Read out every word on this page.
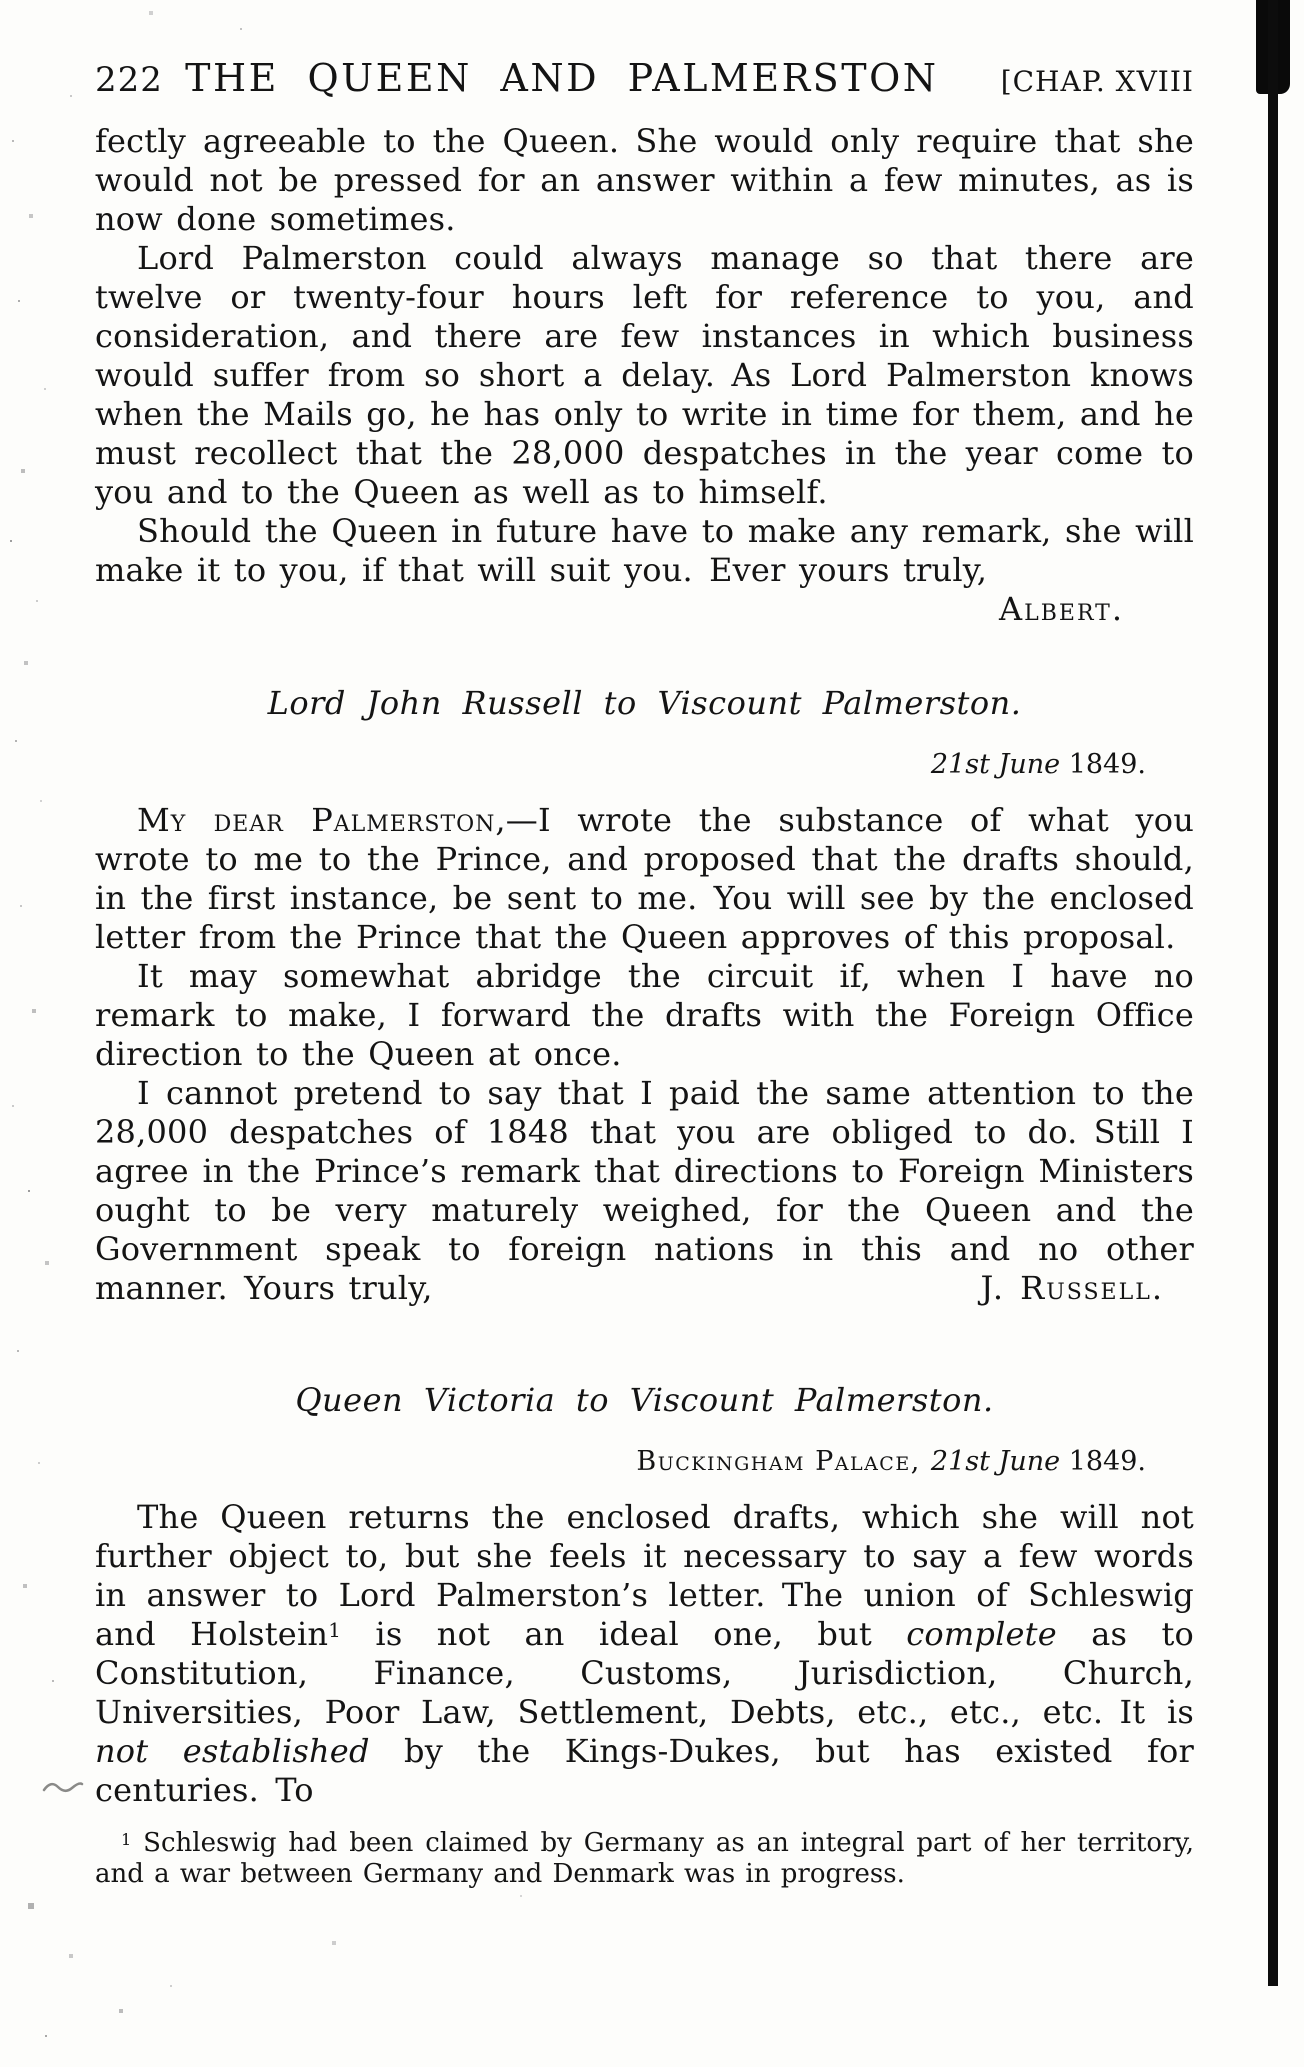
222 THE QUEEN AND PALMERSTON	[CHAP. XVIII

fectly agreeable to the Queen. She would only require that she would not be pressed for an answer within a few minutes, as is now done sometimes.

Lord Palmerston could always manage so that there are twelve or twenty-four hours left for reference to you, and consideration, and there are few instances in which business would suffer from so short a delay. As Lord Palmerston knows when the Mails go, he has only to write in time for them, and he must recollect that the 28,000 despatches in the year come to you and to the Queen as well as to himself.

Should the Queen in future have to make any remark, she will make it to you, if that will suit you. Ever yours truly,

Albert.
Lord John Russell to Viscount Palmerston.
21st June 1849.

My dear Palmerston,—I wrote the substance of what you wrote to me to the Prince, and proposed that the drafts should, in the first instance, be sent to me. You will see by the enclosed letter from the Prince that the Queen approves of this proposal.

It may somewhat abridge the circuit if, when I have no remark to make, I forward the drafts with the Foreign Office direction to the Queen at once.

J. Russell.
I cannot pretend to say that I paid the same attention to the 28,000 despatches of 1848 that you are obliged to do. Still I agree in the Prince’s remark that directions to Foreign Ministers ought to be very maturely weighed, for the Queen and the Government speak to foreign nations in this and no other manner. Yours truly,

Queen Victoria to Viscount Palmerston.
Buckingham Palace, 21st June 1849.

The Queen returns the enclosed drafts, which she will not further object to, but she feels it necessary to say a few words in answer to Lord Palmerston’s letter. The union of Schleswig and Holstein$^1$ is not an ideal one, but complete as to Constitution, Finance, Customs, Jurisdiction, Church, Universities, Poor Law, Settlement, Debts, etc., etc., etc. It is not established by the Kings-Dukes, but has existed for centuries. To

$^1$ Schleswig had been claimed by Germany as an integral part of her territory, and a war between Germany and Denmark was in progress.
